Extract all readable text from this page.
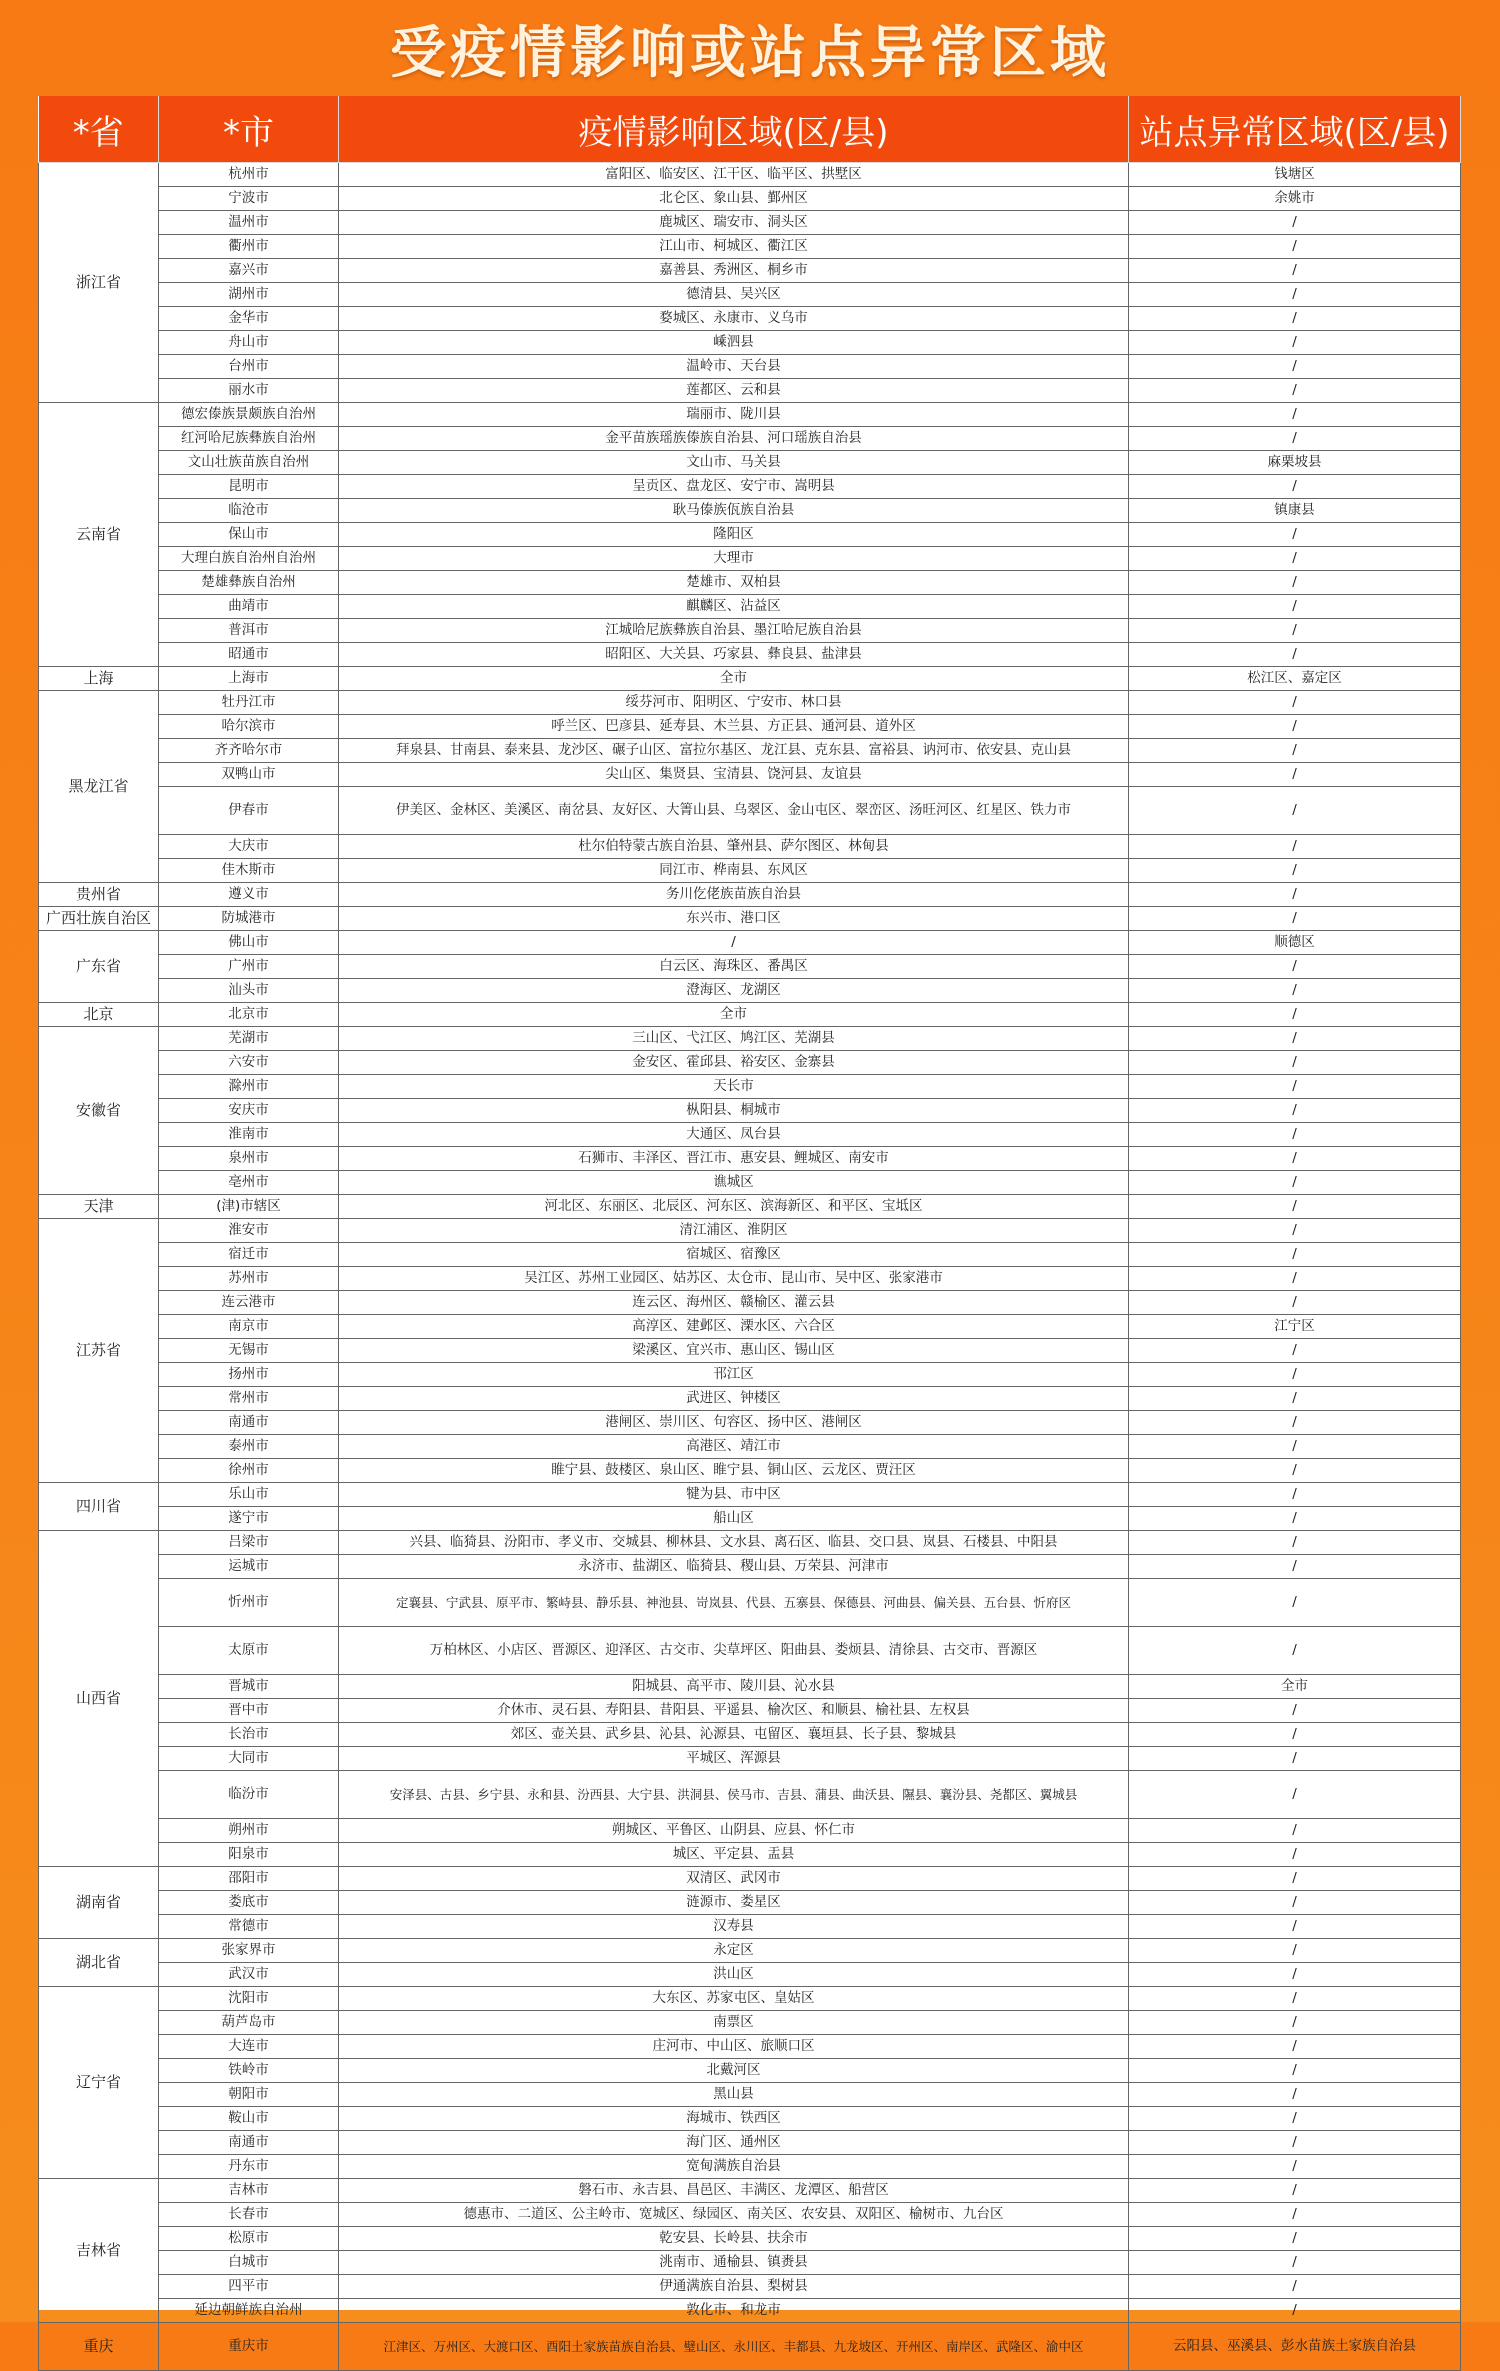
受疫情影响或站点异常区域
*省	*市	疫情影响区域(区/县)	站点异常区域(区/县)
浙江省	杭州市	富阳区、临安区、江干区、临平区、拱墅区	钱塘区
	宁波市	北仑区、象山县、鄞州区	余姚市
	温州市	鹿城区、瑞安市、洞头区	/
	衢州市	江山市、柯城区、衢江区	/
	嘉兴市	嘉善县、秀洲区、桐乡市	/
	湖州市	德清县、吴兴区	/
	金华市	婺城区、永康市、义乌市	/
	舟山市	嵊泗县	/
	台州市	温岭市、天台县	/
	丽水市	莲都区、云和县	/
云南省	德宏傣族景颇族自治州	瑞丽市、陇川县	/
	红河哈尼族彝族自治州	金平苗族瑶族傣族自治县、河口瑶族自治县	/
	文山壮族苗族自治州	文山市、马关县	麻栗坡县
	昆明市	呈贡区、盘龙区、安宁市、嵩明县	/
	临沧市	耿马傣族佤族自治县	镇康县
	保山市	隆阳区	/
	大理白族自治州自治州	大理市	/
	楚雄彝族自治州	楚雄市、双柏县	/
	曲靖市	麒麟区、沾益区	/
	普洱市	江城哈尼族彝族自治县、墨江哈尼族自治县	/
	昭通市	昭阳区、大关县、巧家县、彝良县、盐津县	/
上海	上海市	全市	松江区、嘉定区
黑龙江省	牡丹江市	绥芬河市、阳明区、宁安市、林口县	/
	哈尔滨市	呼兰区、巴彦县、延寿县、木兰县、方正县、通河县、道外区	/
	齐齐哈尔市	拜泉县、甘南县、泰来县、龙沙区、碾子山区、富拉尔基区、龙江县、克东县、富裕县、讷河市、依安县、克山县	/
	双鸭山市	尖山区、集贤县、宝清县、饶河县、友谊县	/
	伊春市	伊美区、金林区、美溪区、南岔县、友好区、大箐山县、乌翠区、金山屯区、翠峦区、汤旺河区、红星区、铁力市	/
	大庆市	杜尔伯特蒙古族自治县、肇州县、萨尔图区、林甸县	/
	佳木斯市	同江市、桦南县、东风区	/
贵州省	遵义市	务川仡佬族苗族自治县	/
广西壮族自治区	防城港市	东兴市、港口区	/
广东省	佛山市	/	顺德区
	广州市	白云区、海珠区、番禺区	/
	汕头市	澄海区、龙湖区	/
北京	北京市	全市	/
安徽省	芜湖市	三山区、弋江区、鸠江区、芜湖县	/
	六安市	金安区、霍邱县、裕安区、金寨县	/
	滁州市	天长市	/
	安庆市	枞阳县、桐城市	/
	淮南市	大通区、凤台县	/
	泉州市	石狮市、丰泽区、晋江市、惠安县、鲤城区、南安市	/
	亳州市	谯城区	/
天津	(津)市辖区	河北区、东丽区、北辰区、河东区、滨海新区、和平区、宝坻区	/
江苏省	淮安市	清江浦区、淮阴区	/
	宿迁市	宿城区、宿豫区	/
	苏州市	吴江区、苏州工业园区、姑苏区、太仓市、昆山市、吴中区、张家港市	/
	连云港市	连云区、海州区、赣榆区、灌云县	/
	南京市	高淳区、建邺区、溧水区、六合区	江宁区
	无锡市	梁溪区、宜兴市、惠山区、锡山区	/
	扬州市	邗江区	/
	常州市	武进区、钟楼区	/
	南通市	港闸区、崇川区、句容区、扬中区、港闸区	/
	泰州市	高港区、靖江市	/
	徐州市	睢宁县、鼓楼区、泉山区、睢宁县、铜山区、云龙区、贾汪区	/
四川省	乐山市	犍为县、市中区	/
	遂宁市	船山区	/
山西省	吕梁市	兴县、临猗县、汾阳市、孝义市、交城县、柳林县、文水县、离石区、临县、交口县、岚县、石楼县、中阳县	/
	运城市	永济市、盐湖区、临猗县、稷山县、万荣县、河津市	/
	忻州市	定襄县、宁武县、原平市、繁峙县、静乐县、神池县、岢岚县、代县、五寨县、保德县、河曲县、偏关县、五台县、忻府区	/
	太原市	万柏林区、小店区、晋源区、迎泽区、古交市、尖草坪区、阳曲县、娄烦县、清徐县、古交市、晋源区	/
	晋城市	阳城县、高平市、陵川县、沁水县	全市
	晋中市	介休市、灵石县、寿阳县、昔阳县、平遥县、榆次区、和顺县、榆社县、左权县	/
	长治市	郊区、壶关县、武乡县、沁县、沁源县、屯留区、襄垣县、长子县、黎城县	/
	大同市	平城区、浑源县	/
	临汾市	安泽县、古县、乡宁县、永和县、汾西县、大宁县、洪洞县、侯马市、吉县、蒲县、曲沃县、隰县、襄汾县、尧都区、翼城县	/
	朔州市	朔城区、平鲁区、山阴县、应县、怀仁市	/
	阳泉市	城区、平定县、盂县	/
湖南省	邵阳市	双清区、武冈市	/
	娄底市	涟源市、娄星区	/
	常德市	汉寿县	/
湖北省	张家界市	永定区	/
	武汉市	洪山区	/
辽宁省	沈阳市	大东区、苏家屯区、皇姑区	/
	葫芦岛市	南票区	/
	大连市	庄河市、中山区、旅顺口区	/
	铁岭市	北戴河区	/
	朝阳市	黑山县	/
	鞍山市	海城市、铁西区	/
	南通市	海门区、通州区	/
	丹东市	宽甸满族自治县	/
吉林省	吉林市	磐石市、永吉县、昌邑区、丰满区、龙潭区、船营区	/
	长春市	德惠市、二道区、公主岭市、宽城区、绿园区、南关区、农安县、双阳区、榆树市、九台区	/
	松原市	乾安县、长岭县、扶余市	/
	白城市	洮南市、通榆县、镇赉县	/
	四平市	伊通满族自治县、梨树县	/
	延边朝鲜族自治州	敦化市、和龙市	/
重庆	重庆市	江津区、万州区、大渡口区、酉阳土家族苗族自治县、璧山区、永川区、丰都县、九龙坡区、开州区、南岸区、武隆区、渝中区	云阳县、巫溪县、彭水苗族土家族自治县
